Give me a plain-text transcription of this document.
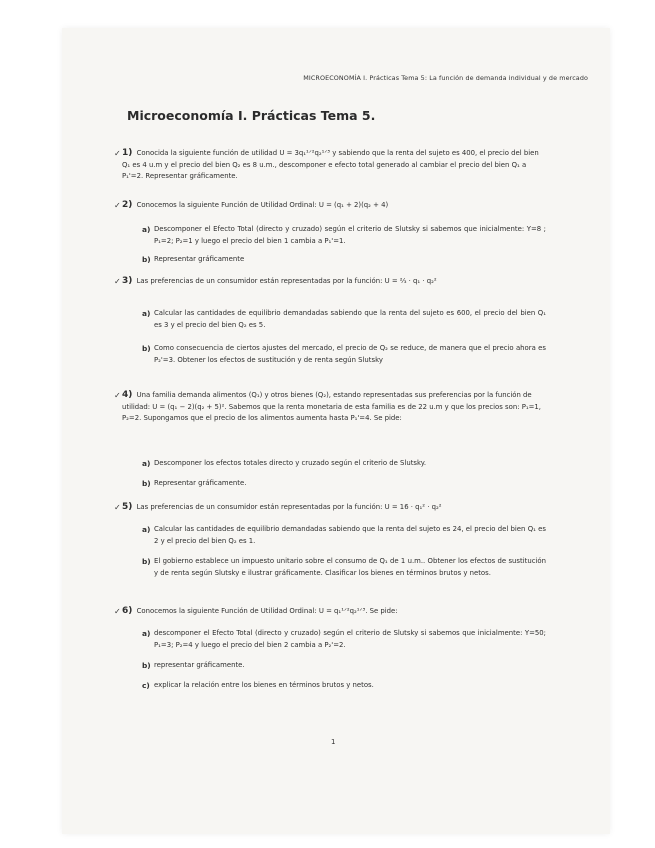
MICROECONOMÍA I. Prácticas Tema 5: La función de demanda individual y de mercado
Microeconomía I. Prácticas Tema 5.
✓ 1) Conocida la siguiente función de utilidad U = 3q₁¹ᐟ²q₂¹ᐟ³ y sabiendo que la renta del sujeto es 400, el precio del bien Q₁ es 4 u.m y el precio del bien Q₂ es 8 u.m., descomponer e efecto total generado al cambiar el precio del bien Q₁ a P₁'=2. Representar gráficamente.
✓ 2) Conocemos la siguiente Función de Utilidad Ordinal: U = (q₁ + 2)(q₂ + 4)
a) Descomponer el Efecto Total (directo y cruzado) según el criterio de Slutsky si sabemos que inicialmente: Y=8 ; P₁=2; P₂=1 y luego el precio del bien 1 cambia a P₁'=1.
b) Representar gráficamente
✓ 3) Las preferencias de un consumidor están representadas por la función: U = ²⁄₃ · q₁ · q₂²
a) Calcular las cantidades de equilibrio demandadas sabiendo que la renta del sujeto es 600, el precio del bien Q₁ es 3 y el precio del bien Q₂ es 5.
b) Como consecuencia de ciertos ajustes del mercado, el precio de Q₂ se reduce, de manera que el precio ahora es P₂'=3. Obtener los efectos de sustitución y de renta según Slutsky
✓ 4) Una familia demanda alimentos (Q₁) y otros bienes (Q₂), estando representadas sus preferencias por la función de utilidad: U = (q₁ − 2)(q₂ + 5)². Sabemos que la renta monetaria de esta familia es de 22 u.m y que los precios son: P₁=1, P₂=2. Supongamos que el precio de los alimentos aumenta hasta P₁'=4. Se pide:
a) Descomponer los efectos totales directo y cruzado según el criterio de Slutsky.
b) Representar gráficamente.
✓ 5) Las preferencias de un consumidor están representadas por la función: U = 16 · q₁² · q₂²
a) Calcular las cantidades de equilibrio demandadas sabiendo que la renta del sujeto es 24, el precio del bien Q₁ es 2 y el precio del bien Q₂ es 1.
b) El gobierno establece un impuesto unitario sobre el consumo de Q₁ de 1 u.m.. Obtener los efectos de sustitución y de renta según Slutsky e ilustrar gráficamente. Clasificar los bienes en términos brutos y netos.
✓ 6) Conocemos la siguiente Función de Utilidad Ordinal: U = q₁¹ᐟ²q₂¹ᐟ³. Se pide:
a) descomponer el Efecto Total (directo y cruzado) según el criterio de Slutsky si sabemos que inicialmente: Y=50; P₁=3; P₂=4 y luego el precio del bien 2 cambia a P₂'=2.
b) representar gráficamente.
c) explicar la relación entre los bienes en términos brutos y netos.
1
